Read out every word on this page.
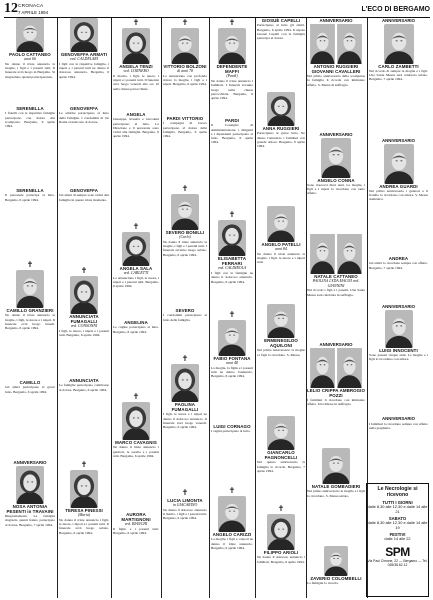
12 CRONACA
7 APRILE 1994	L'ECO DI BERGAMO
PAOLO CATTANEO
anni 66
Ne danno il triste annuncio la moglie, i figli e i parenti tutti. Il funerale avrà luogo in Bergamo. Si ringraziano quanti parteciperanno.
GENOVEFFA ARMATI
ved. CALDELARI
I figli con le rispettive famiglie, i nipoti e i parenti tutti ne danno il doloroso annuncio. Bergamo, 6 aprile 1994.
✝
ANGELA TENZI
ved. CORNERO
Il marito, i figli, le nuore, i nipoti e i parenti tutti. Il funerale avrà luogo venerdì alle ore 10 nella chiesa parrocchiale.
✝
VITTORIO BOLZONI
di anni 78
Lo annunciano con profondo dolore la moglie, i figli e i nipoti. Bergamo, 6 aprile 1994.
✝
DEFENDENTE MAFFI
(Pardi)
Ne danno il triste annuncio i familiari. I funerali avranno luogo nella chiesa parrocchiale. Bergamo, 6 aprile 1994.
GIOSUÈ CAPELLI
Partecipano al lutto gli amici. Bergamo, 6 aprile 1994. Il nipote Giosuè Capelli con la famiglia partecipa al dolore.
ANNIVERSARIO
ANTONIO RUGGIERI GIOVANNI CAVALLERI
Nel primo anniversario della scomparsa la famiglia li ricorda con immutato affetto. S. Messa di suffragio.
ANNIVERSARIO
CARLO ZAMBETTI
Nel ricordo di sempre la moglie e i figli. Una Santa Messa sarà celebrata sabato. Bergamo, 7 aprile 1994.
SERENELLA
I fratelli con le rispettive famiglie partecipano con dolore alla scomparsa. Bergamo, 6 aprile 1994.
GENOVEFFA
Le amiche partecipano al lutto della famiglia. I condomini di via Roma si uniscono al dolore.
ANGELA
Giuseppe, Rosetta e Giovanni partecipano al lutto. La Direzione e il personale sono vicini alla famiglia. Bergamo, 6 aprile 1994.
PARDI VITTORIO
I compagni di lavoro partecipano al dolore della famiglia. Bergamo, 6 aprile 1994.
PARDI
Il Consiglio di Amministrazione, i dirigenti e i dipendenti partecipano al lutto. Bergamo, 6 aprile 1994.
ANNA RUGGIERI
Partecipano al grave lutto. Ne danno l'annuncio i familiari con grande dolore. Bergamo, 6 aprile 1994.
ANNIVERSARIO
ANGELO CONNA
Sono trascorsi dieci anni. La moglie, i figli e i nipoti lo ricordano con tanto affetto.
ANNIVERSARIO
ANDREA GUARDI
Nel primo anniversario i genitori e il fratello lo ricordano con amore. S. Messa domenica.
SERENELLA
Il personale partecipa al lutto. Bergamo, 6 aprile 1994.
GENOVEFFA
Gli amici di sempre sono vicini alla famiglia in questo triste momento.
✝
ANGELA SALA
ved. CARLETTI
Lo annunciano i figli, le nuore, i nipoti e i parenti tutti. Bergamo, 6 aprile 1994.
✝
SEVERO BONILLI
(Carlo)
Ne danno il triste annuncio la moglie, i figli e i parenti tutti. I funerali avranno luogo sabato. Bergamo, 6 aprile 1994.
✝
ELISABETTA FERRARI
ved. CALDIROLA
I figli con le famiglie ne danno il doloroso annuncio. Bergamo, 6 aprile 1994.
ANGELO PATELLI
anni 84
Ne danno il triste annuncio la moglie, i figli, le nuore e i nipoti tutti.
NATALE CATTANEO
PAOLINA LYDA MAGNI ved. GIANNINI
Nel ricordo i figli e i parenti. Una Santa Messa sarà celebrata in suffragio.
ANDREA
Gli amici lo ricordano sempre con affetto. Bergamo, 7 aprile 1994.
✝
CAMILLO GRANZIERI
Ne danno il triste annuncio la moglie, i figli, le nuore e i nipoti. Il funerale avrà luogo lunedì. Bergamo, 6 aprile 1994.
✝
ANNUNCIATA FUMAGALLI
ved. CONSONNI
I figli, le nuore, i nipoti e i parenti tutti. Bergamo, 6 aprile 1994.
ANGELINA
Le cugine partecipano al lutto. Bergamo, 6 aprile 1994.
SEVERO
I condomini partecipano al lutto della famiglia.
✝
FABIO FONTANA
anni 48
La moglie, la figlia e i parenti tutti ne danno l'annuncio. Bergamo, 6 aprile 1994.
ERMENEGILDO AQUILONI
Nel primo anniversario la moglie e i figli lo ricordano. S. Messa.
ANNIVERSARIO
LELIO CRIPPA AMBROGIO POZZI
I familiari li ricordano con immutato affetto. Una Messa in suffragio.
ANNIVERSARIO
LUIGI INNOCENTI
Sono passati cinque anni. La moglie e i figli lo ricordano con amore.
CAMILLO
Gli amici partecipano al grave lutto. Bergamo, 6 aprile 1994.
ANNUNCIATA
Le famiglie partecipano commosse al dolore. Bergamo, 6 aprile 1994.
✝
MARCO CAVAGNIS
Ne danno il triste annuncio i genitori, la sorella e i parenti tutti. Bergamo, 6 aprile 1994.
✝
PAOLINA FUMAGALLI
I figli, le nuore e i nipoti ne danno il doloroso annuncio. Il funerale avrà luogo venerdì. Bergamo, 6 aprile 1994.	LUIGI CORNAGO
I cugini partecipano al lutto.
GIANCARLO PAGNONCELLI
Nel quinto anniversario la famiglia lo ricorda. Bergamo, 7 aprile 1994.
NATALE GOMBADIERI
Nel primo anniversario la moglie e i figli lo ricordano. S. Messa sabato.
ANNIVERSARIO
I familiari lo ricordano sempre con affetto nella preghiera.
ANNIVERSARIO
NOSA ANTONIA PESENTI in TRAVAINI
Ringraziamenti. La famiglia ringrazia quanti hanno partecipato al dolore. Bergamo, 7 aprile 1994.
✝
TERESA PINESSI
(Maria)
Ne danno il triste annuncio i figli, le nuore, i nipoti e i parenti tutti. Il funerale avrà luogo sabato. Bergamo, 6 aprile 1994.
AURORA MARTIGNONI
ved. BIANCHI
Il figlio e i parenti tutti. Bergamo, 6 aprile 1994.
✝
LUCIA LIMONTA
in GIACARINO
Ne danno il doloroso annuncio il marito, i figli e i parenti tutti. Bergamo, 6 aprile 1994.
✝
ANGELO CARIZZI
La moglie, i figli e i nipoti ne danno il triste annuncio. Bergamo, 6 aprile 1994.
✝
FILIPPO ARIOLI
Ne danno il doloroso annuncio i familiari. Bergamo, 6 aprile 1994.
ZAVERIO COLOMBELLI
La famiglia lo ricorda.
Le Necrologie si ricevono
TUTTI I GIORNI
dalle 8,30 alle 12,30 e dalle 14 alle 21
SABATO
dalle 8,30 alle 12,30 e dalle 14 alle 19
FESTIVI
dalle 14 alle 22
SPM
Via Paci Cimone, 22 — Bergamo — Tel. 035/38.62.12
